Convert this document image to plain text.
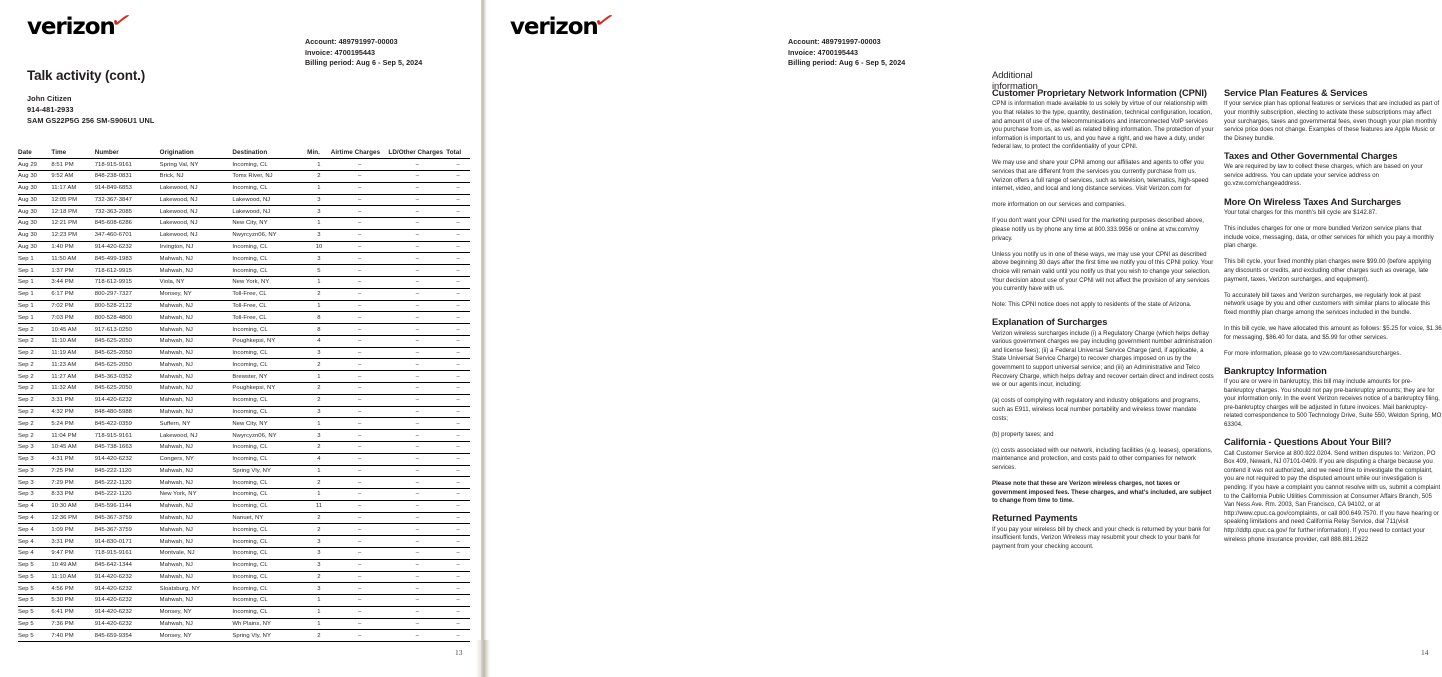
verizon✓
Account: 489791997-00003
Invoice: 4700195443
Billing period: Aug 6 - Sep 5, 2024
Talk activity (cont.)
John Citizen
914-481-2933
SAM GS22P5G 256 SM-S906U1 UNL
Date	Time	Number	Origination	Destination	Min.	Airtime Charges	LD/Other Charges	Total
Aug 29	8:51 PM	718-915-9161	Spring Val, NY	Incoming, CL	1	–	–	–
Aug 30	9:52 AM	848-238-0831	Brick, NJ	Toms River, NJ	2	–	–	–
Aug 30	11:17 AM	914-849-6853	Lakewood, NJ	Incoming, CL	1	–	–	–
Aug 30	12:05 PM	732-367-3847	Lakewood, NJ	Lakewood, NJ	3	–	–	–
Aug 30	12:18 PM	732-363-2085	Lakewood, NJ	Lakewood, NJ	3	–	–	–
Aug 30	12:21 PM	845-608-6286	Lakewood, NJ	New City, NY	1	–	–	–
Aug 30	12:23 PM	347-460-6701	Lakewood, NJ	Nwyrcyzn06, NY	3	–	–	–
Aug 30	1:40 PM	914-420-6232	Irvington, NJ	Incoming, CL	10	–	–	–
Sep 1	11:50 AM	845-499-1983	Mahwah, NJ	Incoming, CL	3	–	–	–
Sep 1	1:37 PM	718-612-9915	Mahwah, NJ	Incoming, CL	5	–	–	–
Sep 1	3:44 PM	718-612-9915	Viola, NY	New York, NY	1	–	–	–
Sep 1	6:17 PM	800-297-7327	Monsey, NY	Toll-Free, CL	2	–	–	–
Sep 1	7:02 PM	800-528-2122	Mahwah, NJ	Toll-Free, CL	1	–	–	–
Sep 1	7:03 PM	800-528-4800	Mahwah, NJ	Toll-Free, CL	8	–	–	–
Sep 2	10:45 AM	917-613-0250	Mahwah, NJ	Incoming, CL	8	–	–	–
Sep 2	11:10 AM	845-625-2050	Mahwah, NJ	Poughkepsi, NY	4	–	–	–
Sep 2	11:19 AM	845-625-2050	Mahwah, NJ	Incoming, CL	3	–	–	–
Sep 2	11:23 AM	845-625-2050	Mahwah, NJ	Incoming, CL	2	–	–	–
Sep 2	11:27 AM	845-363-0352	Mahwah, NJ	Brewster, NY	1	–	–	–
Sep 2	11:32 AM	845-625-2050	Mahwah, NJ	Poughkepsi, NY	2	–	–	–
Sep 2	3:31 PM	914-420-6232	Mahwah, NJ	Incoming, CL	2	–	–	–
Sep 2	4:32 PM	848-480-5988	Mahwah, NJ	Incoming, CL	3	–	–	–
Sep 2	5:24 PM	845-422-0359	Suffern, NY	New City, NY	1	–	–	–
Sep 2	11:04 PM	718-915-9161	Lakewood, NJ	Nwyrcyzn06, NY	3	–	–	–
Sep 3	10:45 AM	845-738-1663	Mahwah, NJ	Incoming, CL	2	–	–	–
Sep 3	4:31 PM	914-420-6232	Congers, NY	Incoming, CL	4	–	–	–
Sep 3	7:25 PM	845-222-1120	Mahwah, NJ	Spring Vly, NY	1	–	–	–
Sep 3	7:29 PM	845-222-1120	Mahwah, NJ	Incoming, CL	2	–	–	–
Sep 3	8:33 PM	845-222-1120	New York, NY	Incoming, CL	1	–	–	–
Sep 4	10:30 AM	845-596-1144	Mahwah, NJ	Incoming, CL	11	–	–	–
Sep 4	12:36 PM	845-367-3759	Mahwah, NJ	Nanuet, NY	2	–	–	–
Sep 4	1:09 PM	845-367-3759	Mahwah, NJ	Incoming, CL	2	–	–	–
Sep 4	3:31 PM	914-830-0171	Mahwah, NJ	Incoming, CL	3	–	–	–
Sep 4	9:47 PM	718-915-9161	Montvale, NJ	Incoming, CL	3	–	–	–
Sep 5	10:49 AM	845-642-1344	Mahwah, NJ	Incoming, CL	3	–	–	–
Sep 5	11:10 AM	914-420-6232	Mahwah, NJ	Incoming, CL	2	–	–	–
Sep 5	4:56 PM	914-420-6232	Sloatsburg, NY	Incoming, CL	3	–	–	–
Sep 5	5:30 PM	914-420-6232	Mahwah, NJ	Incoming, CL	1	–	–	–
Sep 5	6:41 PM	914-420-6232	Monsey, NY	Incoming, CL	1	–	–	–
Sep 5	7:36 PM	914-420-6232	Mahwah, NJ	Wh Plains, NY	1	–	–	–
Sep 5	7:40 PM	845-659-9354	Monsey, NY	Spring Vly, NY	2	–	–	–
13
verizon✓
Account: 489791997-00003
Invoice: 4700195443
Billing period: Aug 6 - Sep 5, 2024
Additional information
Customer Proprietary Network Information (CPNI)
CPNI is information made available to us solely by virtue of our relationship with you that relates to the type, quantity, destination, technical configuration, location, and amount of use of the telecommunications and interconnected VoIP services you purchase from us, as well as related billing information. The protection of your information is important to us, and you have a right, and we have a duty, under federal law, to protect the confidentiality of your CPNI.
We may use and share your CPNI among our affiliates and agents to offer you services that are different from the services you currently purchase from us. Verizon offers a full range of services, such as television, telematics, high-speed internet, video, and local and long distance services. Visit Verizon.com for
more information on our services and companies.
If you don't want your CPNI used for the marketing purposes described above, please notify us by phone any time at 800.333.9956 or online at vzw.com/my privacy.
Unless you notify us in one of these ways, we may use your CPNI as described above beginning 30 days after the first time we notify you of this CPNI policy. Your choice will remain valid until you notify us that you wish to change your selection. Your decision about use of your CPNI will not affect the provision of any services you currently have with us.
Note: This CPNI notice does not apply to residents of the state of Arizona.
Explanation of Surcharges
Verizon wireless surcharges include (i) a Regulatory Charge (which helps defray various government charges we pay including government number administration and license fees); (ii) a Federal Universal Service Charge (and, if applicable, a State Universal Service Charge) to recover charges imposed on us by the government to support universal service; and (iii) an Administrative and Telco Recovery Charge, which helps defray and recover certain direct and indirect costs we or our agents incur, including:
(a) costs of complying with regulatory and industry obligations and programs, such as E911, wireless local number portability and wireless tower mandate costs;
(b) property taxes; and
(c) costs associated with our network, including facilities (e.g. leases), operations, maintenance and protection, and costs paid to other companies for network services.
Please note that these are Verizon wireless charges, not taxes or government imposed fees. These charges, and what's included, are subject to change from time to time.
Returned Payments
If you pay your wireless bill by check and your check is returned by your bank for insufficient funds, Verizon Wireless may resubmit your check to your bank for payment from your checking account.
Service Plan Features & Services
If your service plan has optional features or services that are included as part of your monthly subscription, electing to activate these subscriptions may affect your surcharges, taxes and governmental fees, even though your plan monthly service price does not change. Examples of these features are Apple Music or the Disney bundle.
Taxes and Other Governmental Charges
We are required by law to collect these charges, which are based on your service address. You can update your service address on go.vzw.com/changeaddress.
More On Wireless Taxes And Surcharges
Your total charges for this month's bill cycle are $142.87.
This includes charges for one or more bundled Verizon service plans that include voice, messaging, data, or other services for which you pay a monthly plan charge.
This bill cycle, your fixed monthly plan charges were $99.00 (before applying any discounts or credits, and excluding other charges such as overage, late payment, taxes, Verizon surcharges, and equipment).
To accurately bill taxes and Verizon surcharges, we regularly look at past network usage by you and other customers with similar plans to allocate this fixed monthly plan charge among the services included in the bundle.
In this bill cycle, we have allocated this amount as follows: $5.25 for voice, $1.36 for messaging, $86.40 for data, and $5.99 for other services.
For more information, please go to vzw.com/taxesandsurcharges.
Bankruptcy Information
If you are or were in bankruptcy, this bill may include amounts for pre-bankruptcy charges. You should not pay pre-bankruptcy amounts; they are for your information only. In the event Verizon receives notice of a bankruptcy filing, pre-bankruptcy charges will be adjusted in future invoices. Mail bankruptcy-related correspondence to 500 Technology Drive, Suite 550, Weldon Spring, MO 63304.
California - Questions About Your Bill?
Call Customer Service at 800.922.0204. Send written disputes to: Verizon, PO Box 409, Newark, NJ 07101-0409. If you are disputing a charge because you contend it was not authorized, and we need time to investigate the complaint, you are not required to pay the disputed amount while our investigation is pending. If you have a complaint you cannot resolve with us, submit a complaint to the California Public Utilities Commission at Consumer Affairs Branch, 505 Van Ness Ave. Rm. 2003, San Francisco, CA 94102, or at http://www.cpuc.ca.gov/complaints, or call 800.649.7570. If you have hearing or speaking limitations and need California Relay Service, dial 711(visit http://ddtp.cpuc.ca.gov/ for further information). If you need to contact your wireless phone insurance provider, call 888.881.2622
14
